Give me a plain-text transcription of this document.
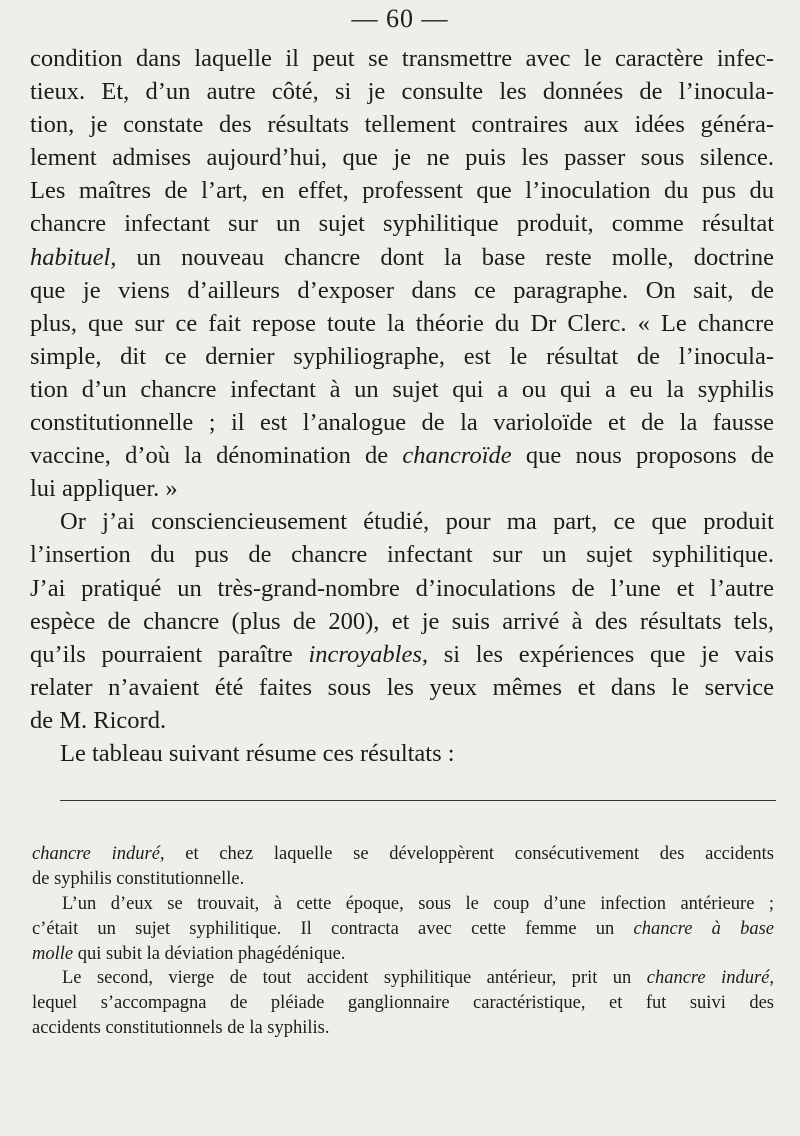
— 60 —
condition dans laquelle il peut se transmettre avec le caractère infec-
tieux. Et, d’un autre côté, si je consulte les données de l’inocula-
tion, je constate des résultats tellement contraires aux idées généra-
lement admises aujourd’hui, que je ne puis les passer sous silence.
Les maîtres de l’art, en effet, professent que l’inoculation du pus du
chancre infectant sur un sujet syphilitique produit, comme résultat
habituel, un nouveau chancre dont la base reste molle, doctrine
que je viens d’ailleurs d’exposer dans ce paragraphe. On sait, de
plus, que sur ce fait repose toute la théorie du Dr Clerc. « Le chancre
simple, dit ce dernier syphiliographe, est le résultat de l’inocula-
tion d’un chancre infectant à un sujet qui a ou qui a eu la syphilis
constitutionnelle ; il est l’analogue de la varioloïde et de la fausse
vaccine, d’où la dénomination de chancroïde que nous proposons de
lui appliquer. »
Or j’ai consciencieusement étudié, pour ma part, ce que produit
l’insertion du pus de chancre infectant sur un sujet syphilitique.
J’ai pratiqué un très-grand-nombre d’inoculations de l’une et l’autre
espèce de chancre (plus de 200), et je suis arrivé à des résultats tels,
qu’ils pourraient paraître incroyables, si les expériences que je vais
relater n’avaient été faites sous les yeux mêmes et dans le service
de M. Ricord.
Le tableau suivant résume ces résultats :
chancre induré, et chez laquelle se développèrent consécutivement des accidents
de syphilis constitutionnelle.
L’un d’eux se trouvait, à cette époque, sous le coup d’une infection antérieure ;
c’était un sujet syphilitique. Il contracta avec cette femme un chancre à base
molle qui subit la déviation phagédénique.
Le second, vierge de tout accident syphilitique antérieur, prit un chancre induré,
lequel s’accompagna de pléiade ganglionnaire caractéristique, et fut suivi des
accidents constitutionnels de la syphilis.
